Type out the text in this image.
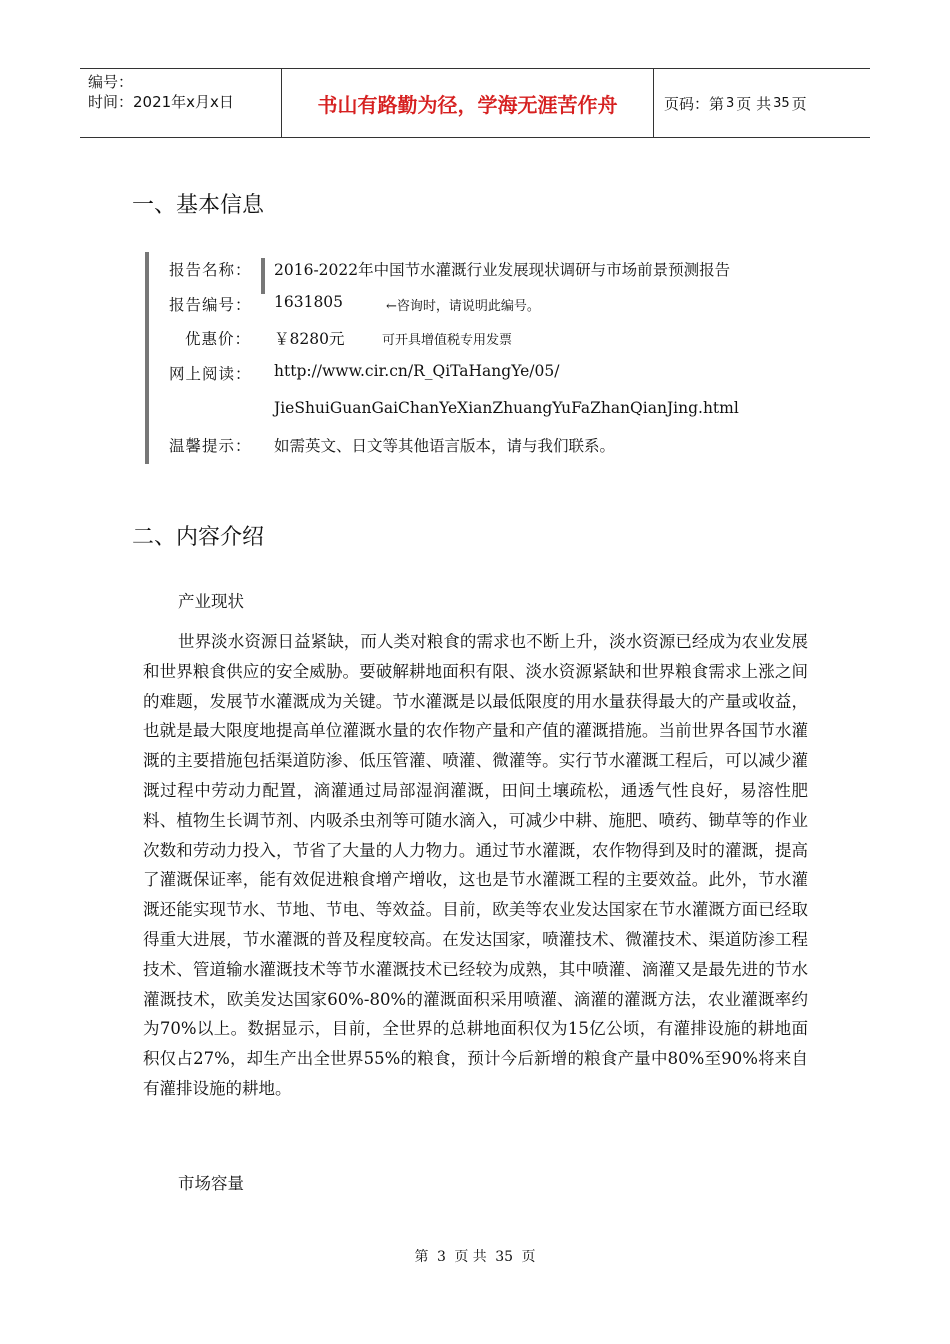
编号：
时间：2021年x月x日	书山有路勤为径，学海无涯苦作舟	页码：第 3 页 共 35 页
一、基本信息
报告名称： 2016-2022年中国节水灌溉行业发展现状调研与市场前景预测报告
报告编号： 1631805	←咨询时，请说明此编号。
优惠价：	￥8280元	可开具增值税专用发票
网上阅读： http://www.cir.cn/R_QiTaHangYe/05/
JieShuiGuanGaiChanYeXianZhuangYuFaZhanQianJing.html
温馨提示： 如需英文、日文等其他语言版本，请与我们联系。
二、内容介绍
产业现状
世界淡水资源日益紧缺，而人类对粮食的需求也不断上升，淡水资源已经成为农业发展和世界粮食供应的安全威胁。要破解耕地面积有限、淡水资源紧缺和世界粮食需求上涨之间的难题，发展节水灌溉成为关键。节水灌溉是以最低限度的用水量获得最大的产量或收益，也就是最大限度地提高单位灌溉水量的农作物产量和产值的灌溉措施。当前世界各国节水灌溉的主要措施包括渠道防渗、低压管灌、喷灌、微灌等。实行节水灌溉工程后，可以减少灌溉过程中劳动力配置，滴灌通过局部湿润灌溉，田间土壤疏松，通透气性良好，易溶性肥料、植物生长调节剂、内吸杀虫剂等可随水滴入，可减少中耕、施肥、喷药、锄草等的作业次数和劳动力投入，节省了大量的人力物力。通过节水灌溉，农作物得到及时的灌溉，提高了灌溉保证率，能有效促进粮食增产增收，这也是节水灌溉工程的主要效益。此外，节水灌溉还能实现节水、节地、节电、等效益。目前，欧美等农业发达国家在节水灌溉方面已经取得重大进展，节水灌溉的普及程度较高。在发达国家，喷灌技术、微灌技术、渠道防渗工程技术、管道输水灌溉技术等节水灌溉技术已经较为成熟，其中喷灌、滴灌又是最先进的节水灌溉技术，欧美发达国家60%-80%的灌溉面积采用喷灌、滴灌的灌溉方法，农业灌溉率约为70%以上。数据显示，目前，全世界的总耕地面积仅为15亿公顷，有灌排设施的耕地面积仅占27%，却生产出全世界55%的粮食，预计今后新增的粮食产量中80%至90%将来自有灌排设施的耕地。
市场容量
第 3 页 共 35 页
